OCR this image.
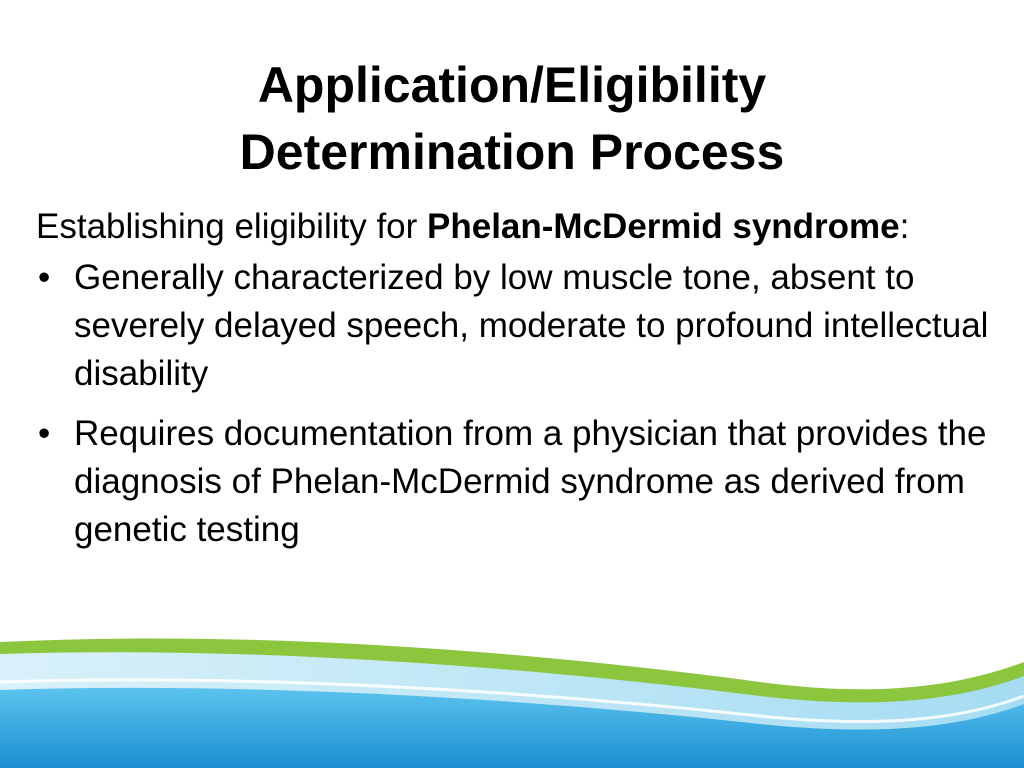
Application/Eligibility
Determination Process

Establishing eligibility for Phelan-McDermid syndrome:

• Generally characterized by low muscle tone, absent to severely delayed speech, moderate to profound intellectual disability
• Requires documentation from a physician that provides the diagnosis of Phelan-McDermid syndrome as derived from genetic testing
